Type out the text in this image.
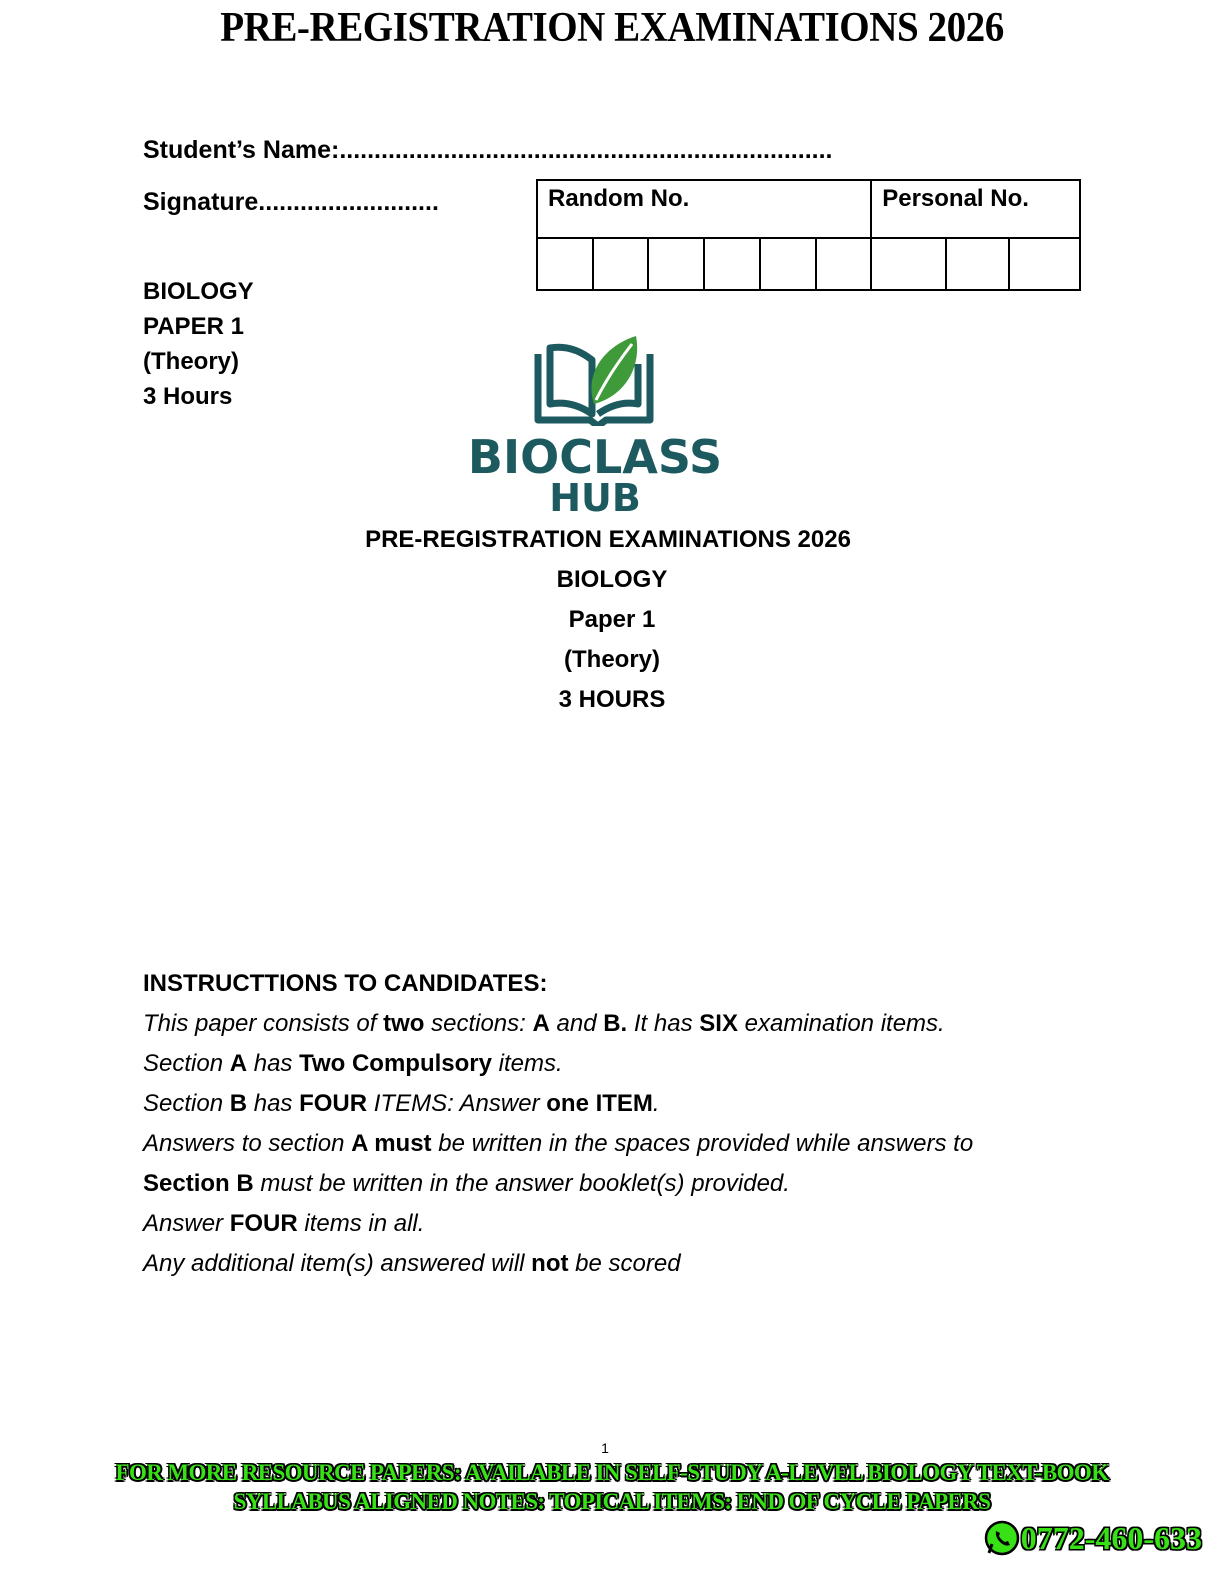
PRE-REGISTRATION EXAMINATIONS 2026
Student’s Name:.......................................................................
Signature..........................	Random No.						Personal No.		

BIOLOGY
PAPER 1
(Theory)
3 Hours
BIOCLASS
HUB
PRE-REGISTRATION EXAMINATIONS 2026
BIOLOGY
Paper 1
(Theory)
3 HOURS
INSTRUCTTIONS TO CANDIDATES:
This paper consists of two sections: A and B. It has SIX examination items.
Section A has Two Compulsory items.
Section B has FOUR ITEMS: Answer one ITEM.
Answers to section A must be written in the spaces provided while answers to
Section B must be written in the answer booklet(s) provided.
Answer FOUR items in all.
Any additional item(s) answered will not be scored
1
FOR MORE RESOURCE PAPERS: AVAILABLE IN SELF-STUDY A-LEVEL BIOLOGY TEXT-BOOK
SYLLABUS ALIGNED NOTES: TOPICAL ITEMS: END OF CYCLE PAPERS
0772-460-633
